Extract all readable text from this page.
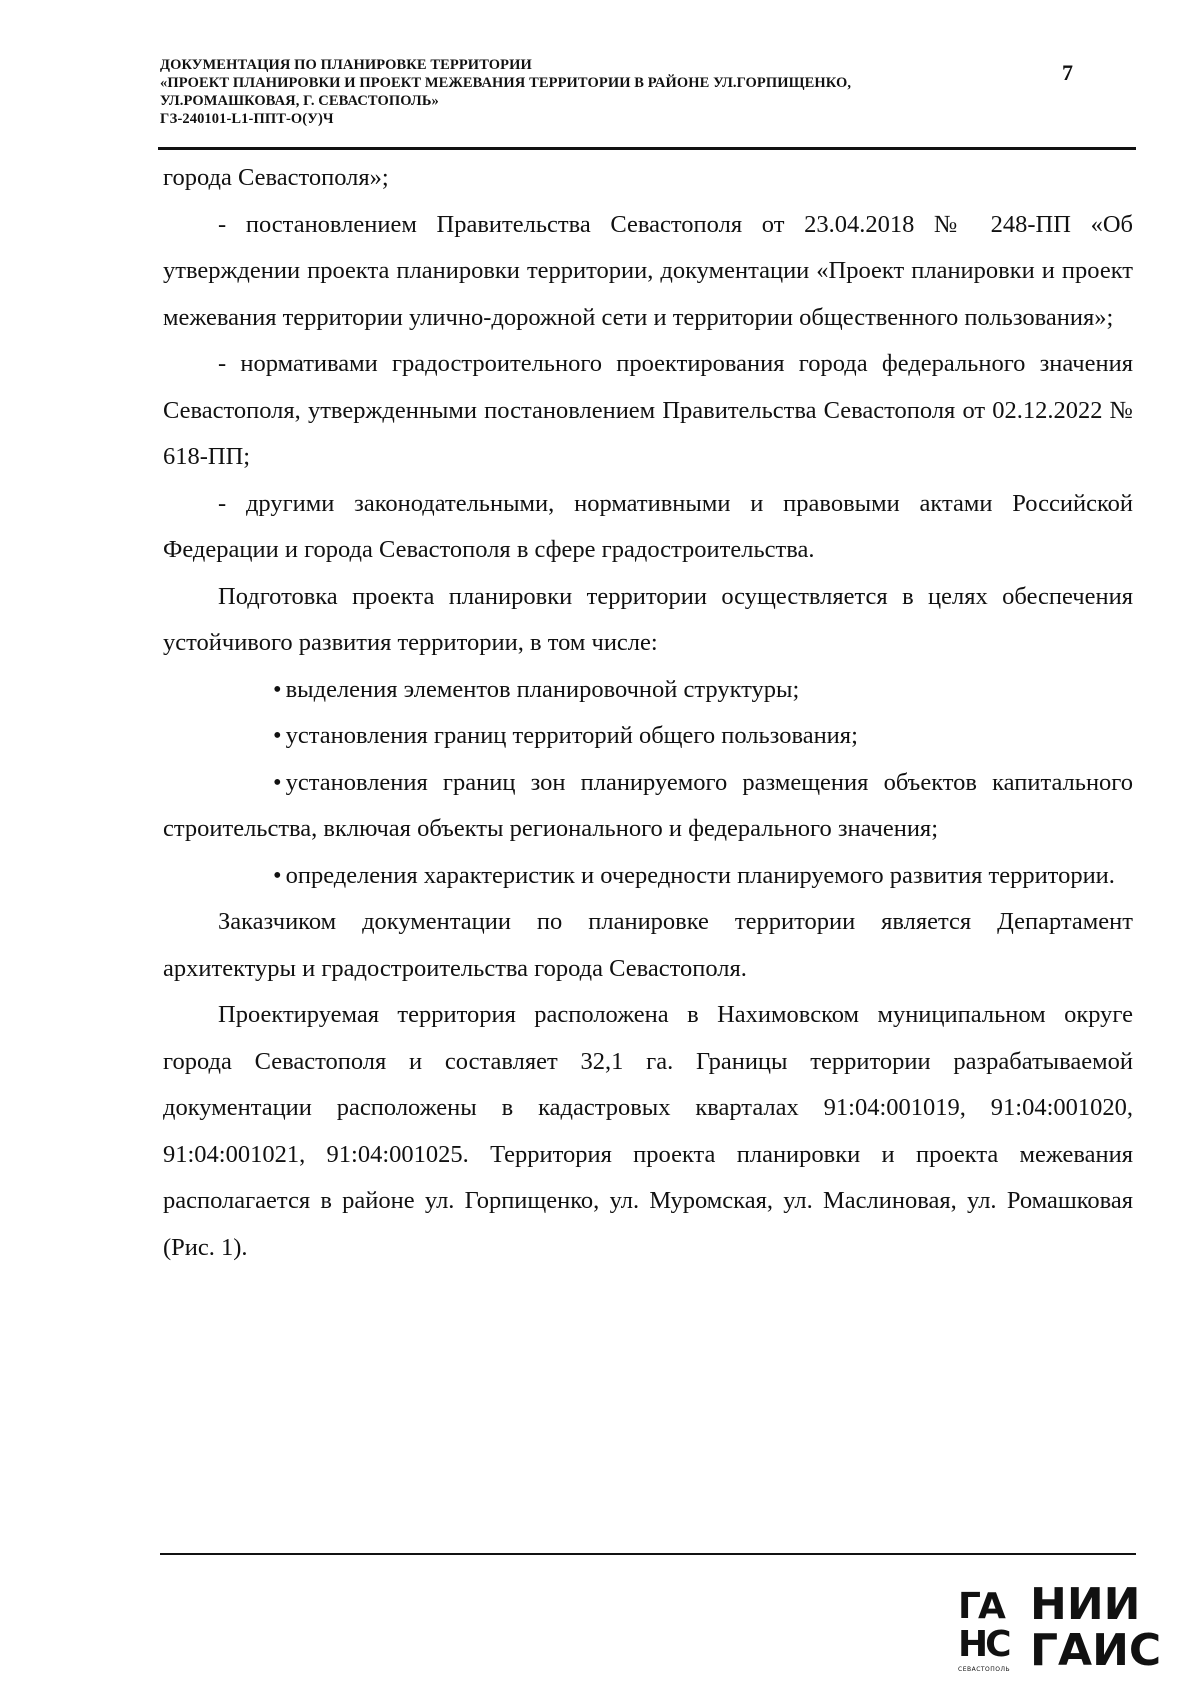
ДОКУМЕНТАЦИЯ ПО ПЛАНИРОВКЕ ТЕРРИТОРИИ
«ПРОЕКТ ПЛАНИРОВКИ И ПРОЕКТ МЕЖЕВАНИЯ ТЕРРИТОРИИ В РАЙОНЕ УЛ.ГОРПИЩЕНКО,
УЛ.РОМАШКОВАЯ, Г. СЕВАСТОПОЛЬ»
ГЗ-240101-L1-ППТ-О(У)Ч
7

города Севастополя»;

- постановлением Правительства Севастополя от 23.04.2018 № 248-ПП «Об утверждении проекта планировки территории, документации «Проект планировки и проект межевания территории улично-дорожной сети и территории общественного пользования»;

- нормативами градостроительного проектирования города федерального значения Севастополя, утвержденными постановлением Правительства Севастополя от 02.12.2022 № 618-ПП;

- другими законодательными, нормативными и правовыми актами Российской Федерации и города Севастополя в сфере градостроительства.

Подготовка проекта планировки территории осуществляется в целях обеспечения устойчивого развития территории, в том числе:

• выделения элементов планировочной структуры;

• установления границ территорий общего пользования;

• установления границ зон планируемого размещения объектов капитального строительства, включая объекты регионального и федерального значения;

• определения характеристик и очередности планируемого развития территории.

Заказчиком документации по планировке территории является Департамент архитектуры и градостроительства города Севастополя.

Проектируемая территория расположена в Нахимовском муниципальном округе города Севастополя и составляет 32,1 га. Границы территории разрабатываемой документации расположены в кадастровых кварталах 91:04:001019, 91:04:001020, 91:04:001021, 91:04:001025. Территория проекта планировки и проекта межевания располагается в районе ул. Горпищенко, ул. Муромская, ул. Маслиновая, ул. Ромашковая (Рис. 1).

ГА
НС
СЕВАСТОПОЛЬ
НИИ
ГАИС
